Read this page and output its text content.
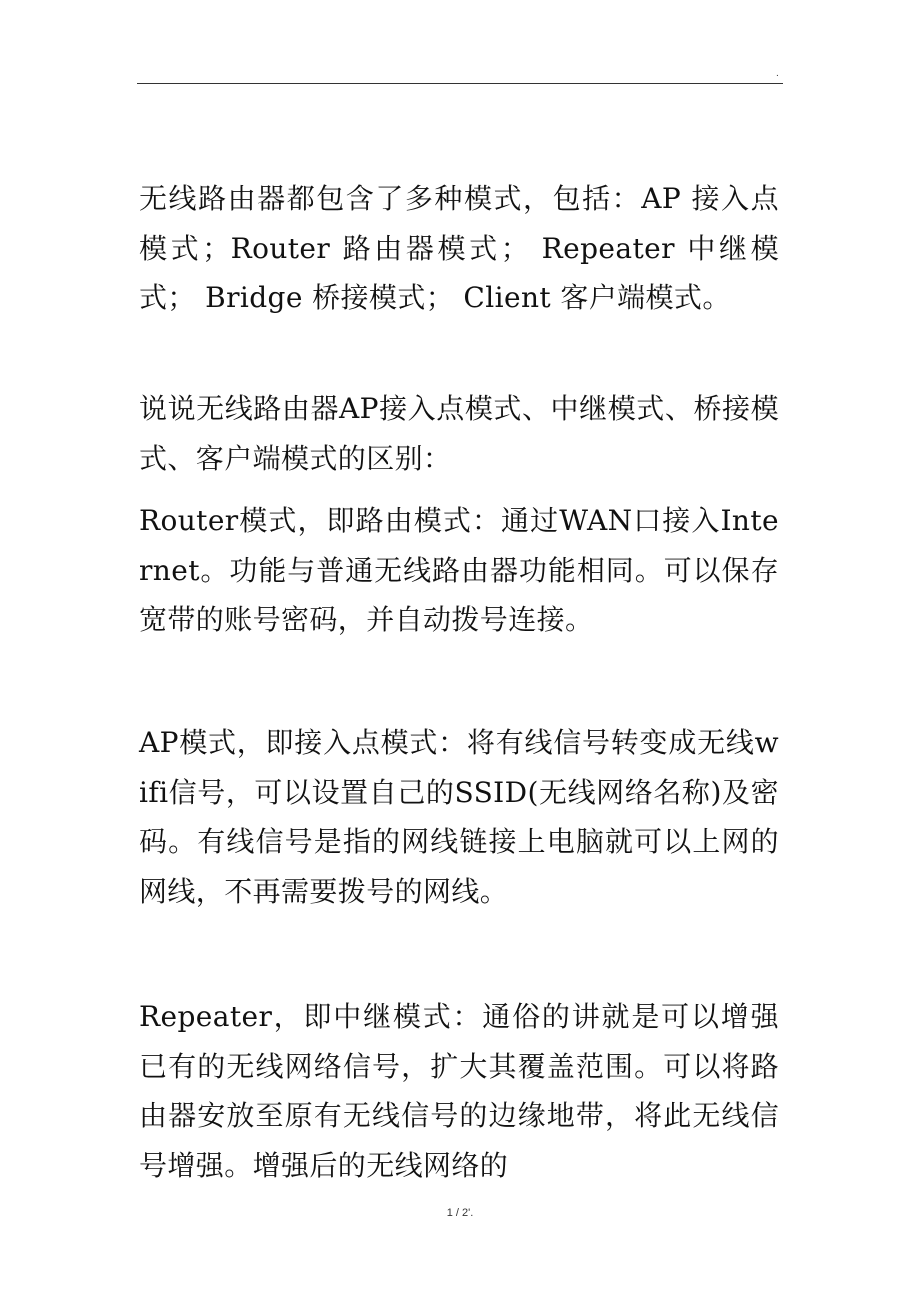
.

无线路由器都包含了多种模式，包括：AP 接入点模式；Router 路由器模式； Repeater 中继模式； Bridge 桥接模式； Client 客户端模式。

说说无线路由器AP接入点模式、中继模式、桥接模式、客户端模式的区别：

Router模式，即路由模式：通过WAN口接入Internet。功能与普通无线路由器功能相同。可以保存宽带的账号密码，并自动拨号连接。

AP模式，即接入点模式：将有线信号转变成无线wifi信号，可以设置自己的SSID(无线网络名称)及密码。有线信号是指的网线链接上电脑就可以上网的网线，不再需要拨号的网线。

Repeater，即中继模式：通俗的讲就是可以增强已有的无线网络信号，扩大其覆盖范围。可以将路由器安放至原有无线信号的边缘地带，将此无线信号增强。增强后的无线网络的

1 / 2'.
